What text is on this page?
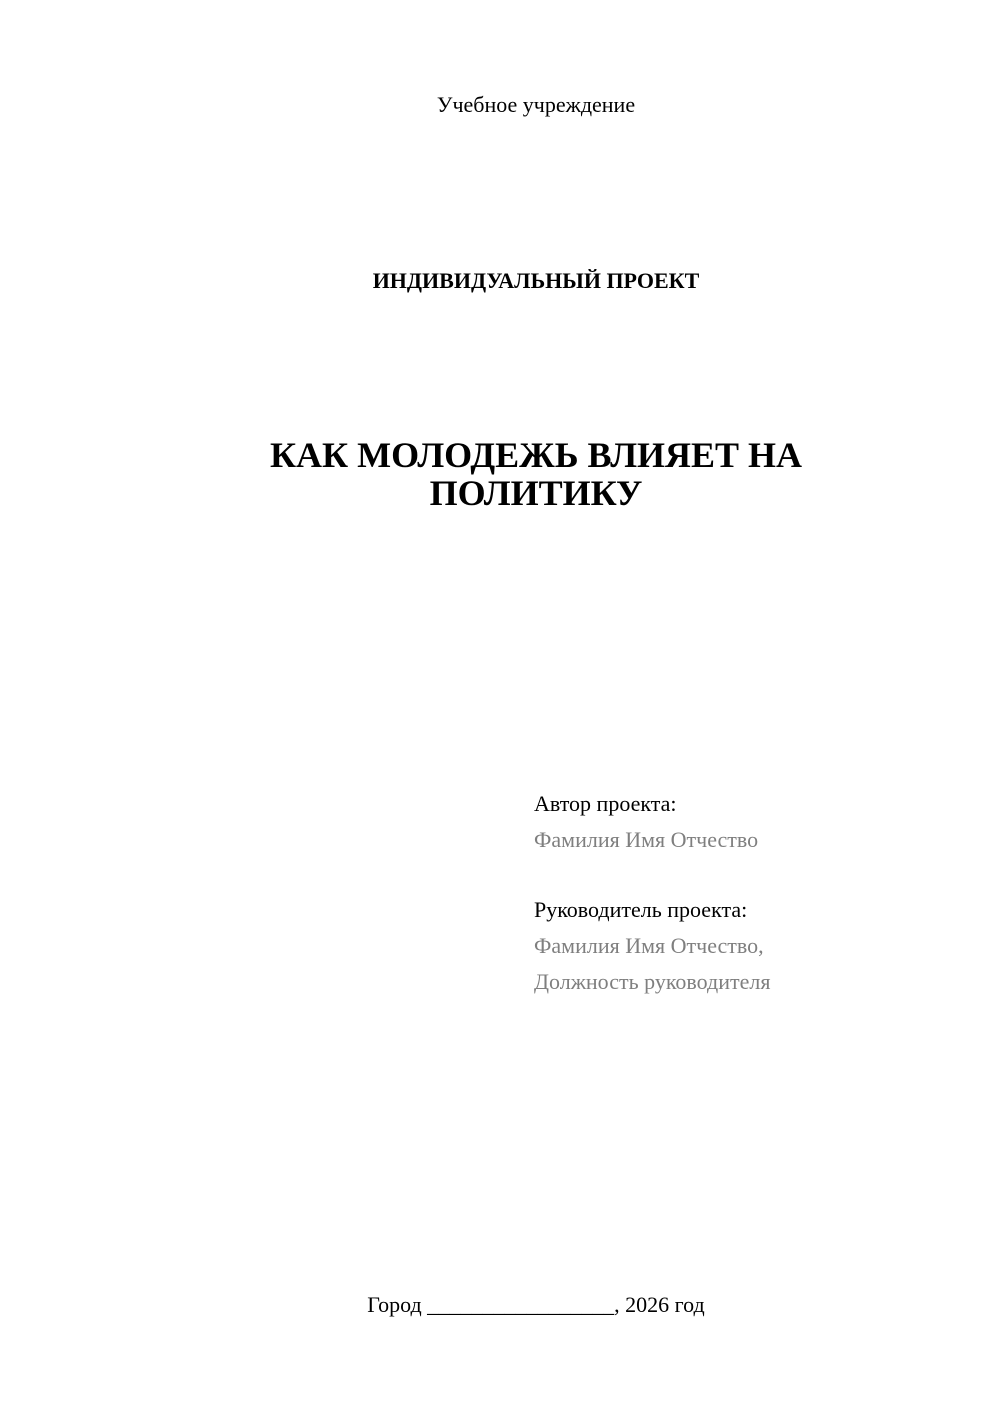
Учебное учреждение
ИНДИВИДУАЛЬНЫЙ ПРОЕКТ
КАК МОЛОДЕЖЬ ВЛИЯЕТ НА
ПОЛИТИКУ
Автор проекта:
Фамилия Имя Отчество
Руководитель проекта:
Фамилия Имя Отчество,
Должность руководителя
Город _________________, 2026 год
